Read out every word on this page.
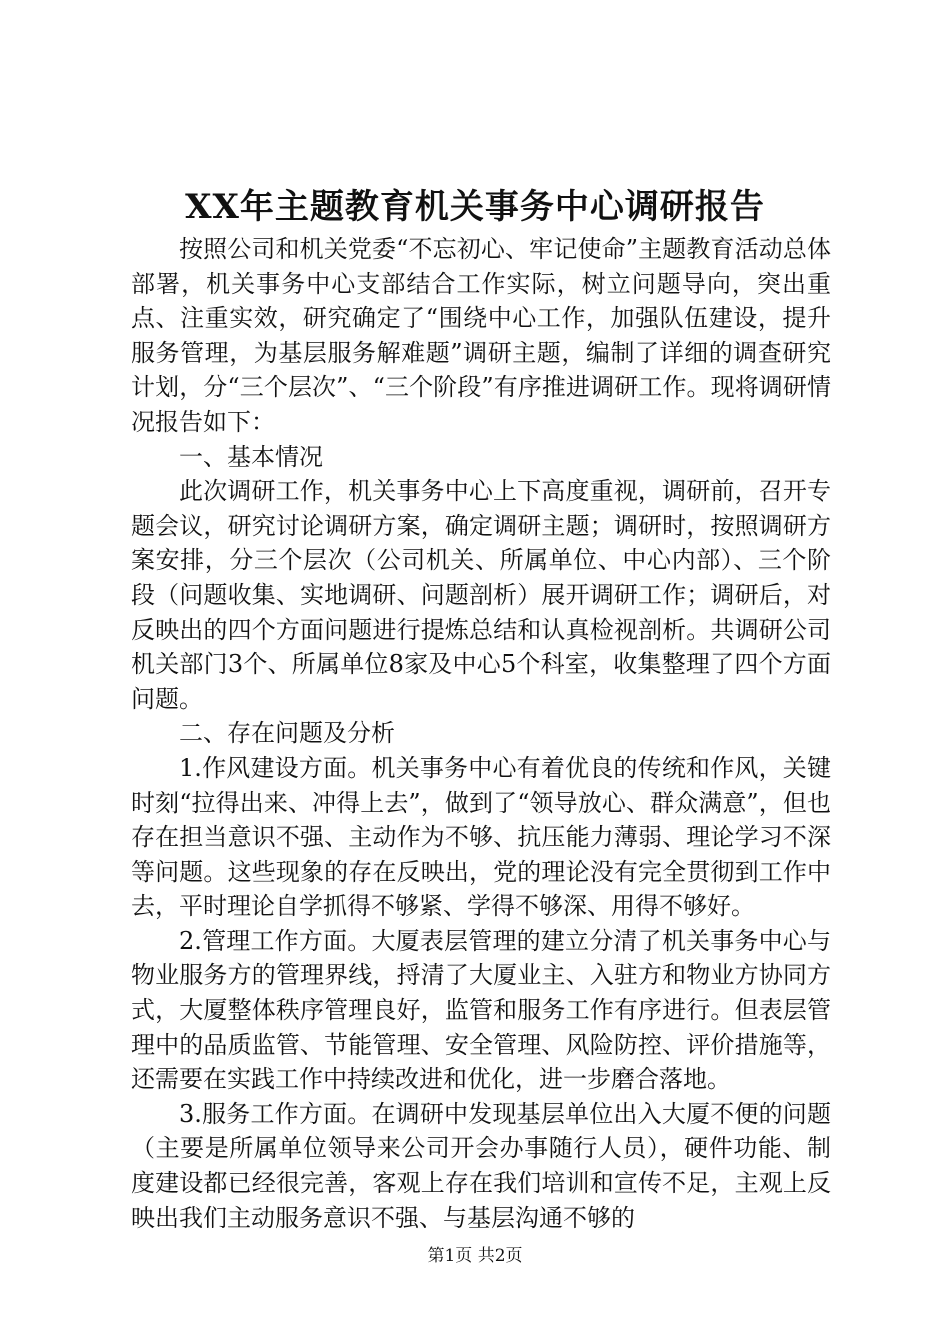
XX年主题教育机关事务中心调研报告

按照公司和机关党委“不忘初心、牢记使命”主题教育活动总体部署，机关事务中心支部结合工作实际，树立问题导向，突出重点、注重实效，研究确定了“围绕中心工作，加强队伍建设，提升服务管理，为基层服务解难题”调研主题，编制了详细的调查研究计划，分“三个层次”、“三个阶段”有序推进调研工作。现将调研情况报告如下：

一、基本情况

此次调研工作，机关事务中心上下高度重视，调研前，召开专题会议，研究讨论调研方案，确定调研主题；调研时，按照调研方案安排，分三个层次（公司机关、所属单位、中心内部）、三个阶段（问题收集、实地调研、问题剖析）展开调研工作；调研后，对反映出的四个方面问题进行提炼总结和认真检视剖析。共调研公司机关部门3个、所属单位8家及中心5个科室，收集整理了四个方面问题。

二、存在问题及分析

1.作风建设方面。机关事务中心有着优良的传统和作风，关键时刻“拉得出来、冲得上去”，做到了“领导放心、群众满意”，但也存在担当意识不强、主动作为不够、抗压能力薄弱、理论学习不深等问题。这些现象的存在反映出，党的理论没有完全贯彻到工作中去，平时理论自学抓得不够紧、学得不够深、用得不够好。

2.管理工作方面。大厦表层管理的建立分清了机关事务中心与物业服务方的管理界线，捋清了大厦业主、入驻方和物业方协同方式，大厦整体秩序管理良好，监管和服务工作有序进行。但表层管理中的品质监管、节能管理、安全管理、风险防控、评价措施等，还需要在实践工作中持续改进和优化，进一步磨合落地。

3.服务工作方面。在调研中发现基层单位出入大厦不便的问题（主要是所属单位领导来公司开会办事随行人员），硬件功能、制度建设都已经很完善，客观上存在我们培训和宣传不足，主观上反映出我们主动服务意识不强、与基层沟通不够的

第1页 共2页
